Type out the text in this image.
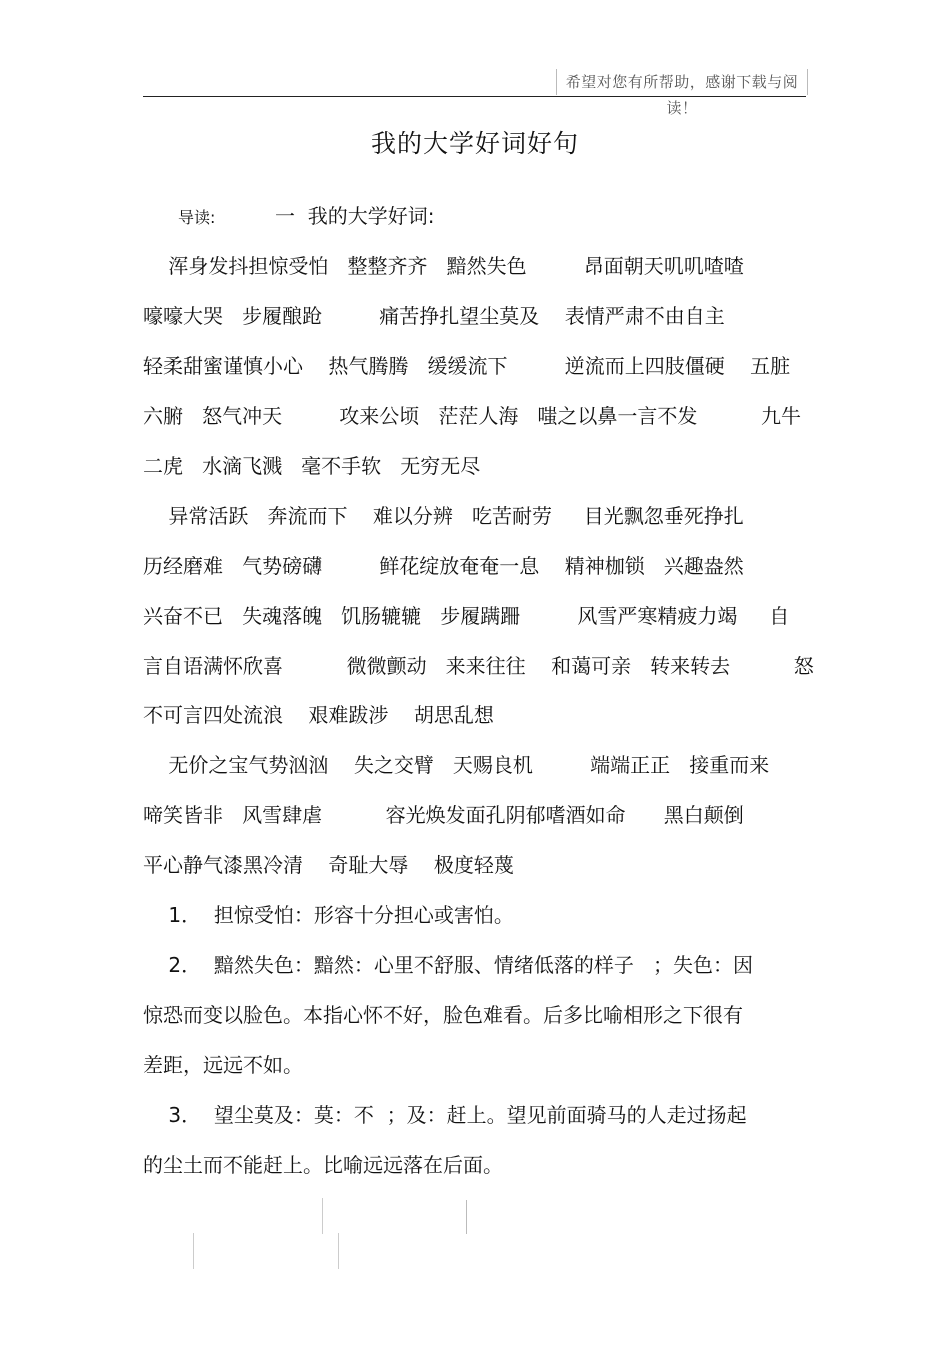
希望对您有所帮助，感谢下载与阅读！
我的大学好词好句
导读:	一  我的大学好词:
浑身发抖担惊受怕   整整齐齐   黯然失色         昂面朝天叽叽喳喳
嚎嚎大哭   步履酿跄         痛苦挣扎望尘莫及    表情严肃不由自主
轻柔甜蜜谨慎小心    热气腾腾   缓缓流下         逆流而上四肢僵硬    五脏
六腑   怒气冲天         攻来公顷   茫茫人海   嗤之以鼻一言不发          九牛
二虎   水滴飞溅   毫不手软   无穷无尽
异常活跃   奔流而下    难以分辨   吃苦耐劳     目光飘忽垂死挣扎
历经磨难   气势磅礴         鲜花绽放奄奄一息    精神枷锁   兴趣盎然
兴奋不已   失魂落魄   饥肠辘辘   步履蹒跚         风雪严寒精疲力竭     自
言自语满怀欣喜          微微颤动   来来往往    和蔼可亲   转来转去          怒
不可言四处流浪    艰难跋涉    胡思乱想
无价之宝气势汹汹    失之交臂   天赐良机         端端正正   接重而来
啼笑皆非   风雪肆虐          容光焕发面孔阴郁嗜酒如命      黑白颠倒
平心静气漆黑冷清    奇耻大辱    极度轻蔑
1．  担惊受怕：形容十分担心或害怕。
2．  黯然失色：黯然：心里不舒服、情绪低落的样子   ；失色：因
惊恐而变以脸色。本指心怀不好，脸色难看。后多比喻相形之下很有
差距，远远不如。
3．  望尘莫及：莫：不  ；及：赶上。望见前面骑马的人走过扬起
的尘土而不能赶上。比喻远远落在后面。
